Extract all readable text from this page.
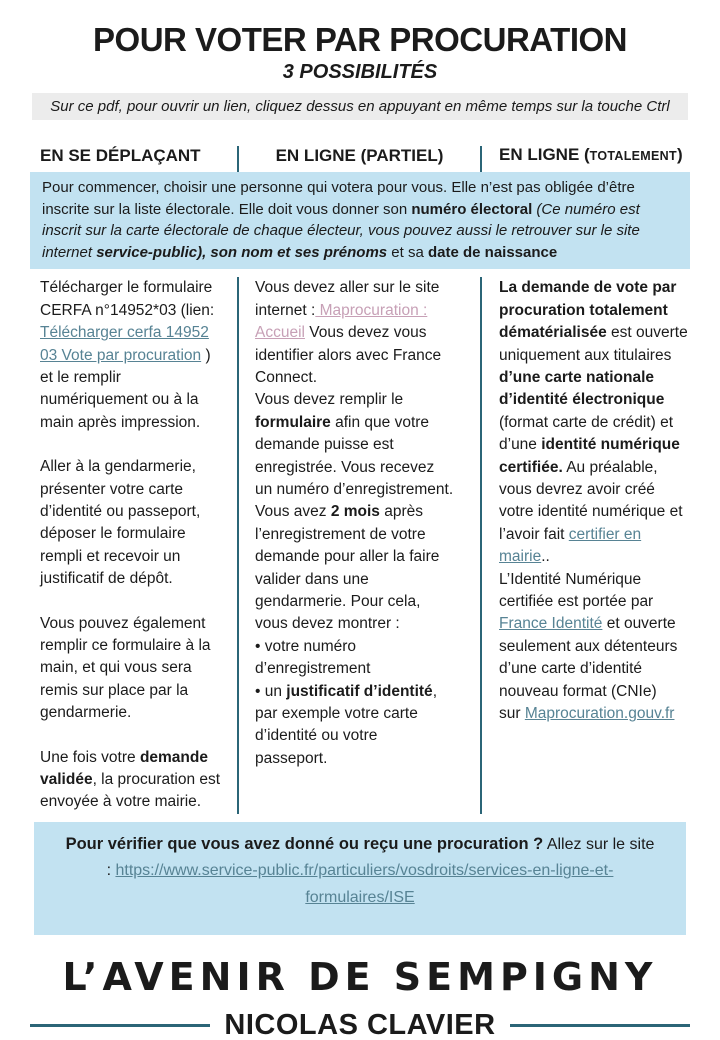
POUR VOTER PAR PROCURATION
3 POSSIBILITÉS
Sur ce pdf, pour ouvrir un lien, cliquez dessus en appuyant en même temps sur la touche Ctrl
EN SE DÉPLAÇANT	EN LIGNE (PARTIEL)	EN LIGNE (TOTALEMENT)
Pour commencer, choisir une personne qui votera pour vous. Elle n’est pas obligée d’être inscrite sur la liste électorale. Elle doit vous donner son numéro électoral (Ce numéro est inscrit sur la carte électorale de chaque électeur, vous pouvez aussi le retrouver sur le site internet service-public), son nom et ses prénoms et sa date de naissance

Télécharger le formulaire CERFA n°14952*03 (lien: Télécharger cerfa 14952 03 Vote par procuration ) et le remplir numériquement ou à la main après impression.

Aller à la gendarmerie, présenter votre carte d’identité ou passeport, déposer le formulaire rempli et recevoir un justificatif de dépôt.

Vous pouvez également remplir ce formulaire à la main, et qui vous sera remis sur place par la gendarmerie.

Une fois votre demande validée, la procuration est envoyée à votre mairie.

Vous devez aller sur le site internet : Maprocuration : Accueil Vous devez vous identifier alors avec France Connect.

Vous devez remplir le formulaire afin que votre demande puisse est enregistrée. Vous recevez un numéro d’enregistrement. Vous avez 2 mois après l’enregistrement de votre demande pour aller la faire valider dans une gendarmerie. Pour cela, vous devez montrer :

• votre numéro d’enregistrement

• un justificatif d’identité, par exemple votre carte d’identité ou votre passeport.

La demande de vote par procuration totalement dématérialisée est ouverte uniquement aux titulaires d’une carte nationale d’identité électronique (format carte de crédit) et d’une identité numérique certifiée. Au préalable, vous devrez avoir créé votre identité numérique et l’avoir fait certifier en mairie..

L’Identité Numérique certifiée est portée par France Identité et ouverte seulement aux détenteurs d’une carte d’identité nouveau format (CNIe)

sur Maprocuration.gouv.fr

Pour vérifier que vous avez donné ou reçu une procuration ? Allez sur le site : https://www.service-public.fr/particuliers/vosdroits/services-en-ligne-et-formulaires/ISE
L’AVENIR DE SEMPIGNY
NICOLAS CLAVIER
